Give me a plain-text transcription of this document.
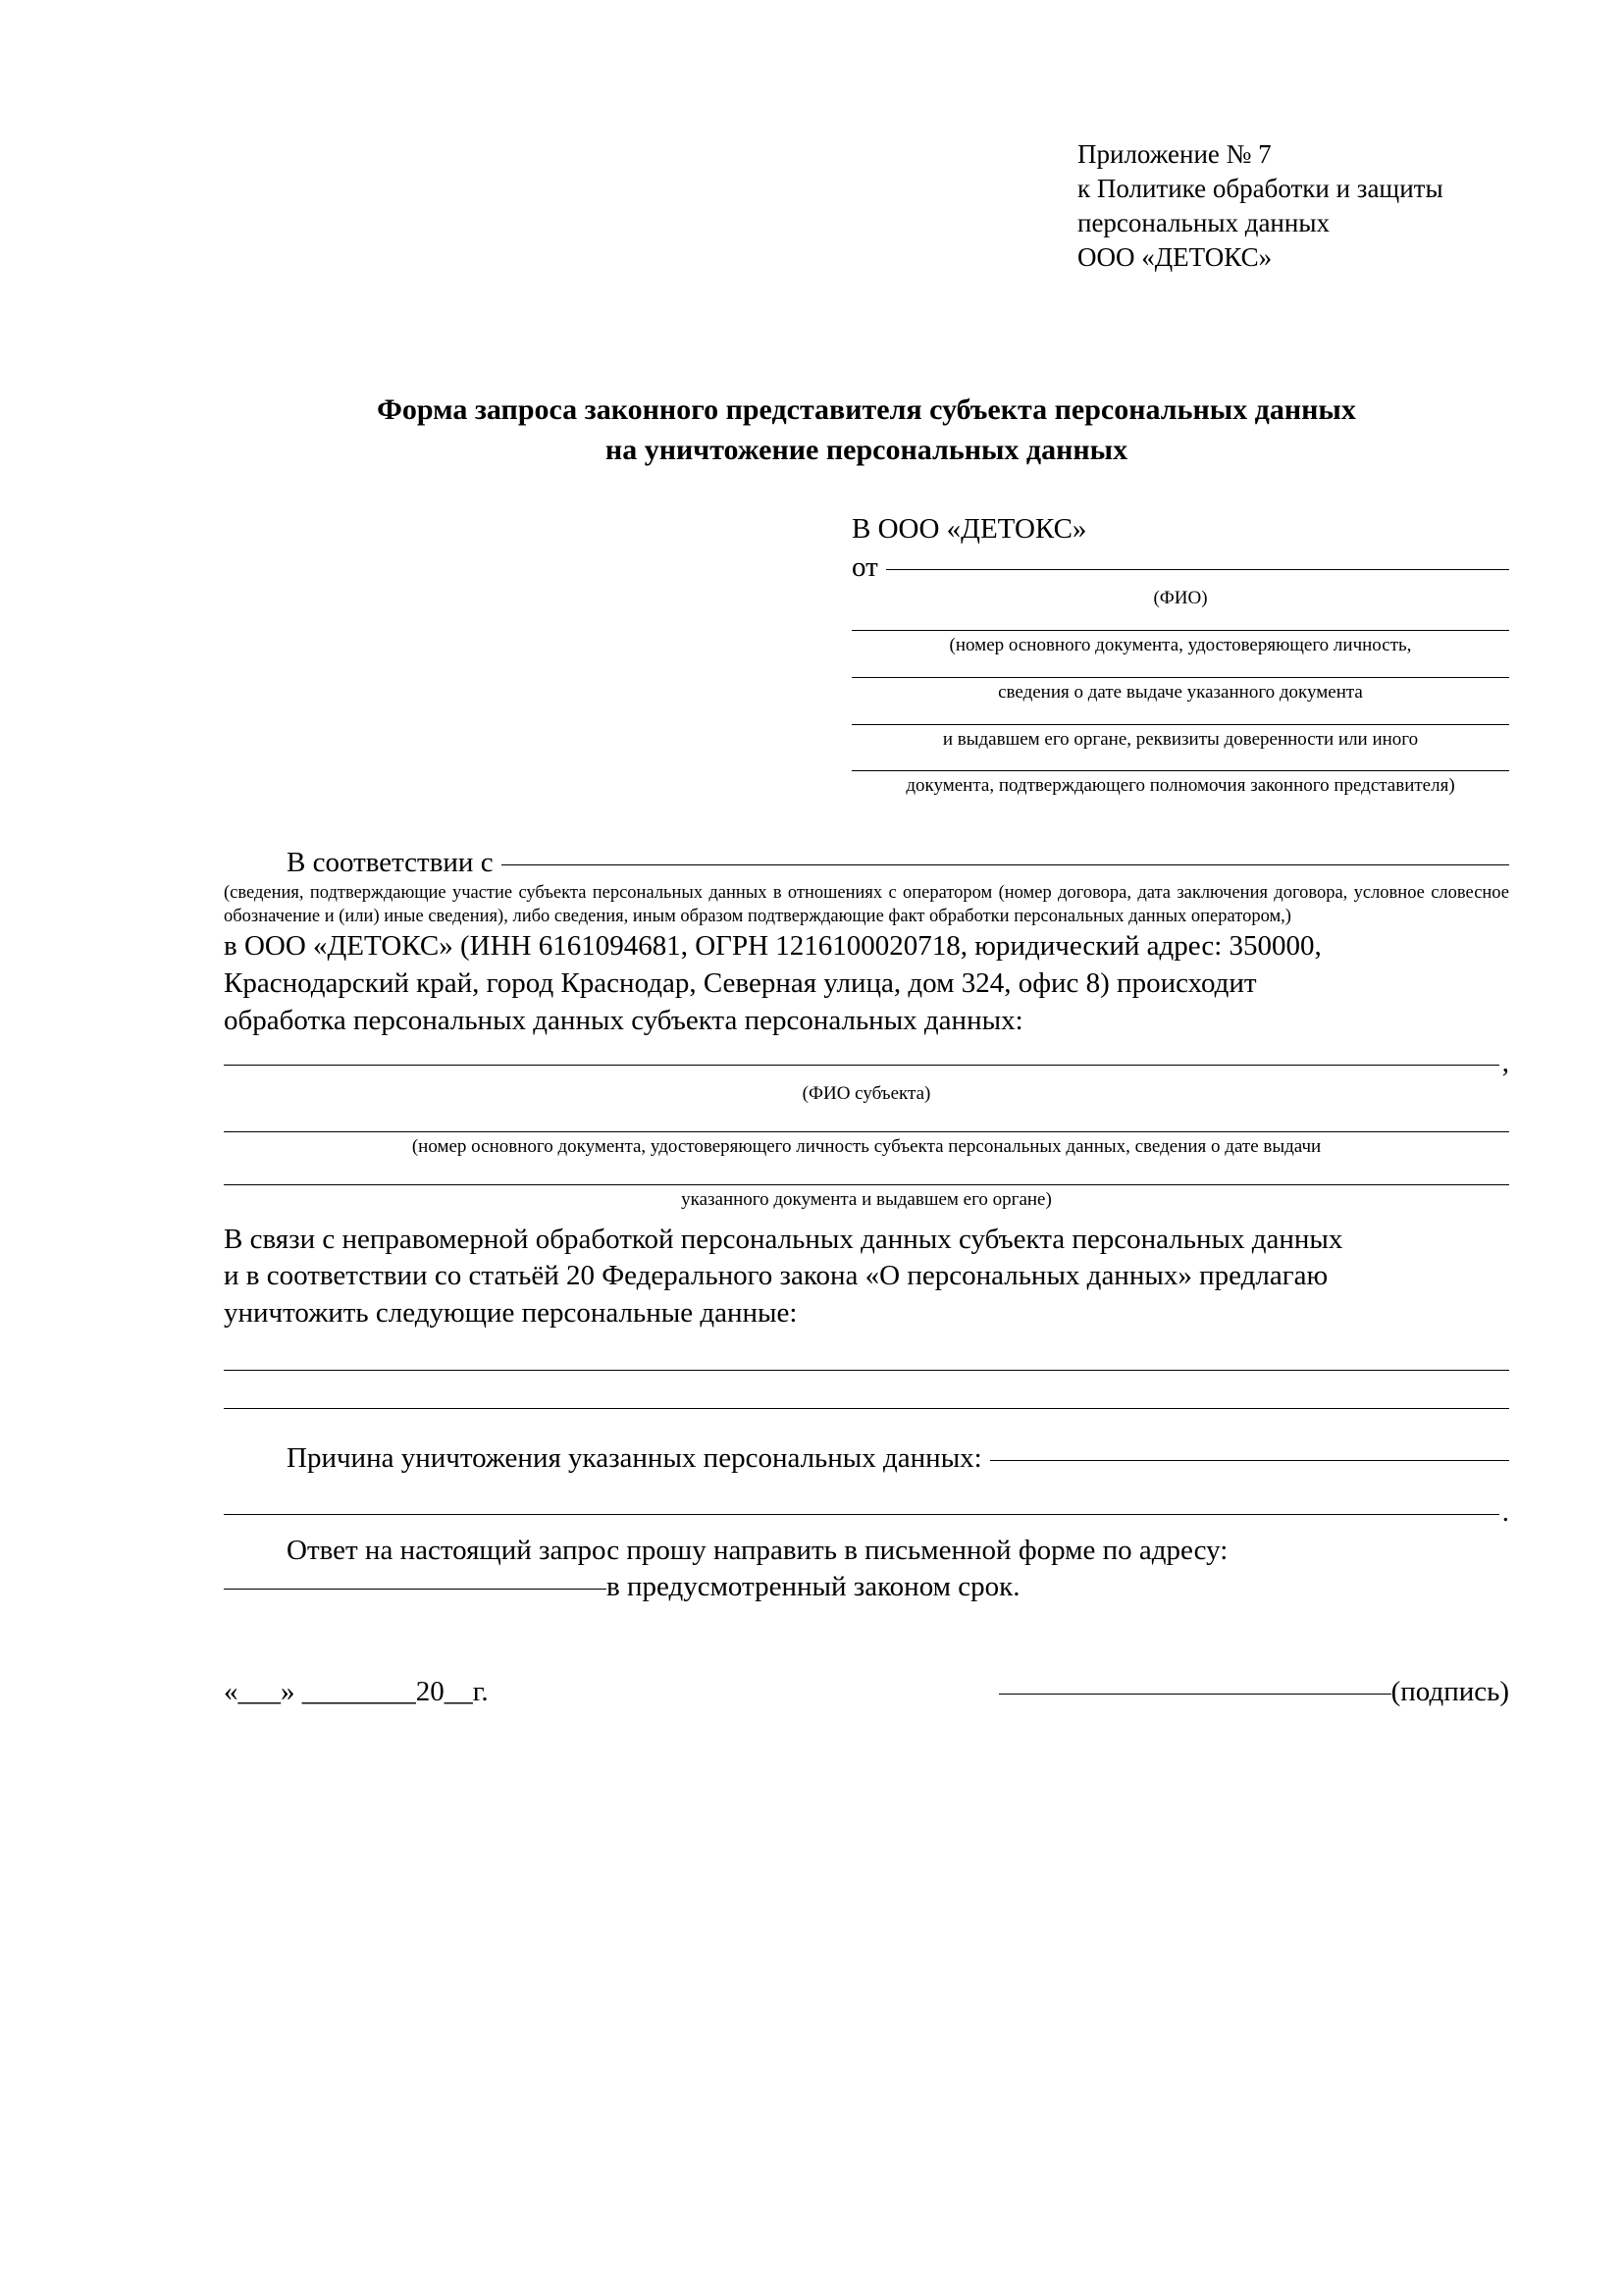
Приложение № 7
к Политике обработки и защиты
персональных данных
ООО «ДЕТОКС»
Форма запроса законного представителя субъекта персональных данных
на уничтожение персональных данных
В ООО «ДЕТОКС»
от
(ФИО)
(номер основного документа, удостоверяющего личность,
сведения о дате выдаче указанного документа
и выдавшем его органе, реквизиты доверенности или иного
документа, подтверждающего полномочия законного представителя)
В соответствии с
(сведения, подтверждающие участие субъекта персональных данных в отношениях с оператором (номер договора, дата заключения договора, условное словесное обозначение и (или) иные сведения), либо сведения, иным образом подтверждающие факт обработки персональных данных оператором,)
в ООО «ДЕТОКС» (ИНН 6161094681, ОГРН 1216100020718, юридический адрес: 350000,
Краснодарский край, город Краснодар, Северная улица, дом 324, офис 8) происходит
обработка персональных данных субъекта персональных данных:
,
(ФИО субъекта)
(номер основного документа, удостоверяющего личность субъекта персональных данных, сведения о дате выдачи
указанного документа и выдавшем его органе)
В связи с неправомерной обработкой персональных данных субъекта персональных данных
и в соответствии со статьёй 20 Федерального закона «О персональных данных» предлагаю
уничтожить следующие персональные данные:
Причина уничтожения указанных персональных данных:
.
Ответ на настоящий запрос прошу направить в письменной форме по адресу:
в предусмотренный законом срок.
«___» ________20__г.	(подпись)
